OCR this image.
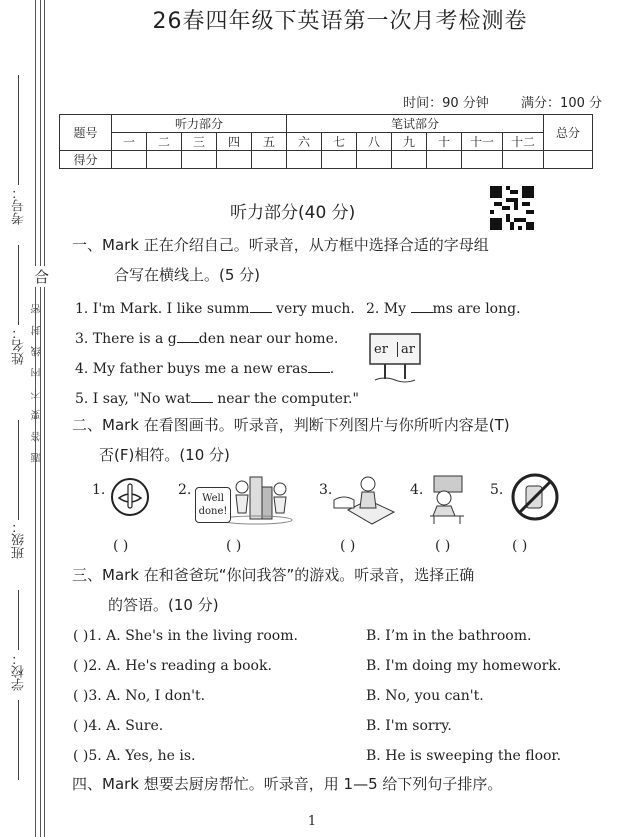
考号：
题 答 要 不 内 线 封 密
姓名：
班级：
学校：
合
26春四年级下英语第一次月考检测卷
时间：90 分钟 满分：100 分
题号	听力部分					笔试部分							总分
	一	二	三	四	五	六	七	八	九	十	十一	十二	
得分													
听力部分(40 分)
一、Mark 正在介绍自己。听录音，从方框中选择合适的字母组
合写在横线上。(5 分)
1. I'm Mark. I like summ very much. 2. My ms are long.
3. There is a g den near our home.
4. My father buys me a new eras .
5. I say, "No wat near the computer."
er	ar
二、Mark 在看图画书。听录音，判断下列图片与你所听内容是(T)
否(F)相符。(10 分)
1.	2.
Well done!
3.	4.	5.
( )	( )	( )	( )	( )
三、Mark 在和爸爸玩“你问我答”的游戏。听录音，选择正确
的答语。(10 分)
( )1. A. She's in the living room.	B. I’m in the bathroom.
( )2. A. He's reading a book.	B. I'm doing my homework.
( )3. A. No, I don't.	B. No, you can't.
( )4. A. Sure.	B. I'm sorry.
( )5. A. Yes, he is.	B. He is sweeping the floor.
四、Mark 想要去厨房帮忙。听录音，用 1—5 给下列句子排序。
1
